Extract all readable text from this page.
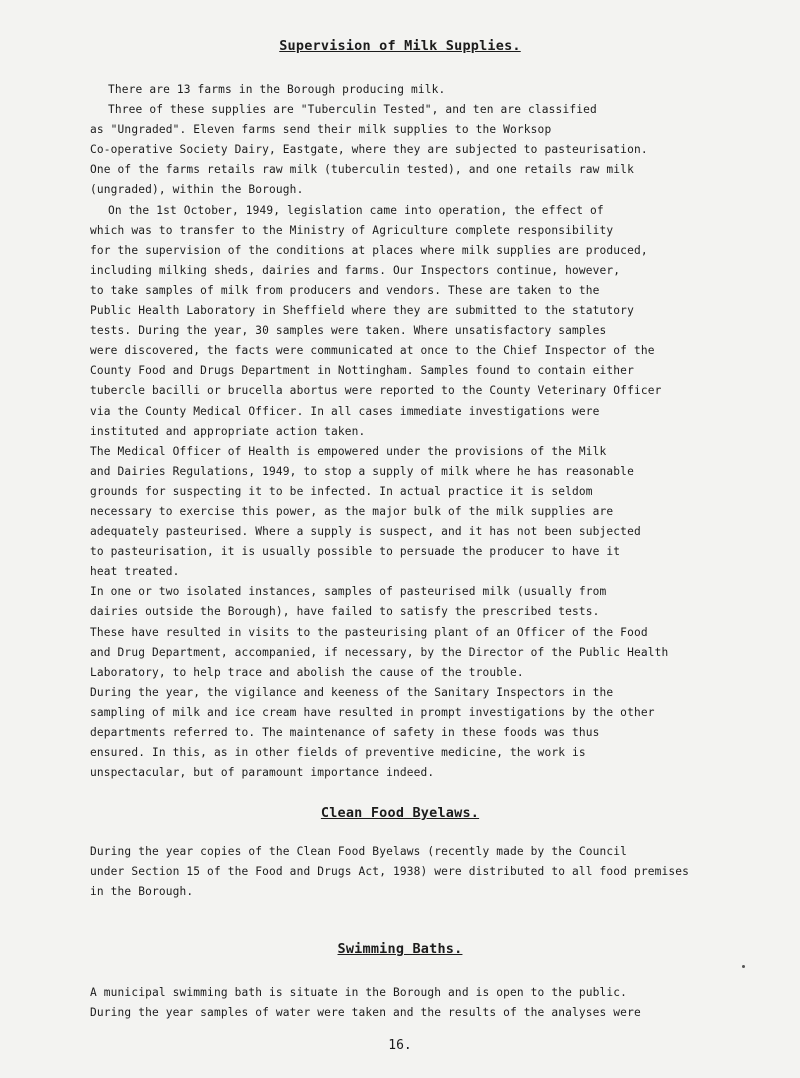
Supervision of Milk Supplies.
There are 13 farms in the Borough producing milk.
Three of these supplies are "Tuberculin Tested", and ten are classified
as "Ungraded". Eleven farms send their milk supplies to the Worksop
Co-operative Society Dairy, Eastgate, where they are subjected to pasteurisation.
One of the farms retails raw milk (tuberculin tested), and one retails raw milk
(ungraded), within the Borough.
On the 1st October, 1949, legislation came into operation, the effect of
which was to transfer to the Ministry of Agriculture complete responsibility
for the supervision of the conditions at places where milk supplies are produced,
including milking sheds, dairies and farms. Our Inspectors continue, however,
to take samples of milk from producers and vendors. These are taken to the
Public Health Laboratory in Sheffield where they are submitted to the statutory
tests. During the year, 30 samples were taken. Where unsatisfactory samples
were discovered, the facts were communicated at once to the Chief Inspector of the
County Food and Drugs Department in Nottingham. Samples found to contain either
tubercle bacilli or brucella abortus were reported to the County Veterinary Officer
via the County Medical Officer. In all cases immediate investigations were
instituted and appropriate action taken.
The Medical Officer of Health is empowered under the provisions of the Milk
and Dairies Regulations, 1949, to stop a supply of milk where he has reasonable
grounds for suspecting it to be infected. In actual practice it is seldom
necessary to exercise this power, as the major bulk of the milk supplies are
adequately pasteurised. Where a supply is suspect, and it has not been subjected
to pasteurisation, it is usually possible to persuade the producer to have it
heat treated.
In one or two isolated instances, samples of pasteurised milk (usually from
dairies outside the Borough), have failed to satisfy the prescribed tests.
These have resulted in visits to the pasteurising plant of an Officer of the Food
and Drug Department, accompanied, if necessary, by the Director of the Public Health
Laboratory, to help trace and abolish the cause of the trouble.
During the year, the vigilance and keeness of the Sanitary Inspectors in the
sampling of milk and ice cream have resulted in prompt investigations by the other
departments referred to. The maintenance of safety in these foods was thus
ensured. In this, as in other fields of preventive medicine, the work is
unspectacular, but of paramount importance indeed.
Clean Food Byelaws.
During the year copies of the Clean Food Byelaws (recently made by the Council
under Section 15 of the Food and Drugs Act, 1938) were distributed to all food premises
in the Borough.
Swimming Baths.
A municipal swimming bath is situate in the Borough and is open to the public.
During the year samples of water were taken and the results of the analyses were
16.
